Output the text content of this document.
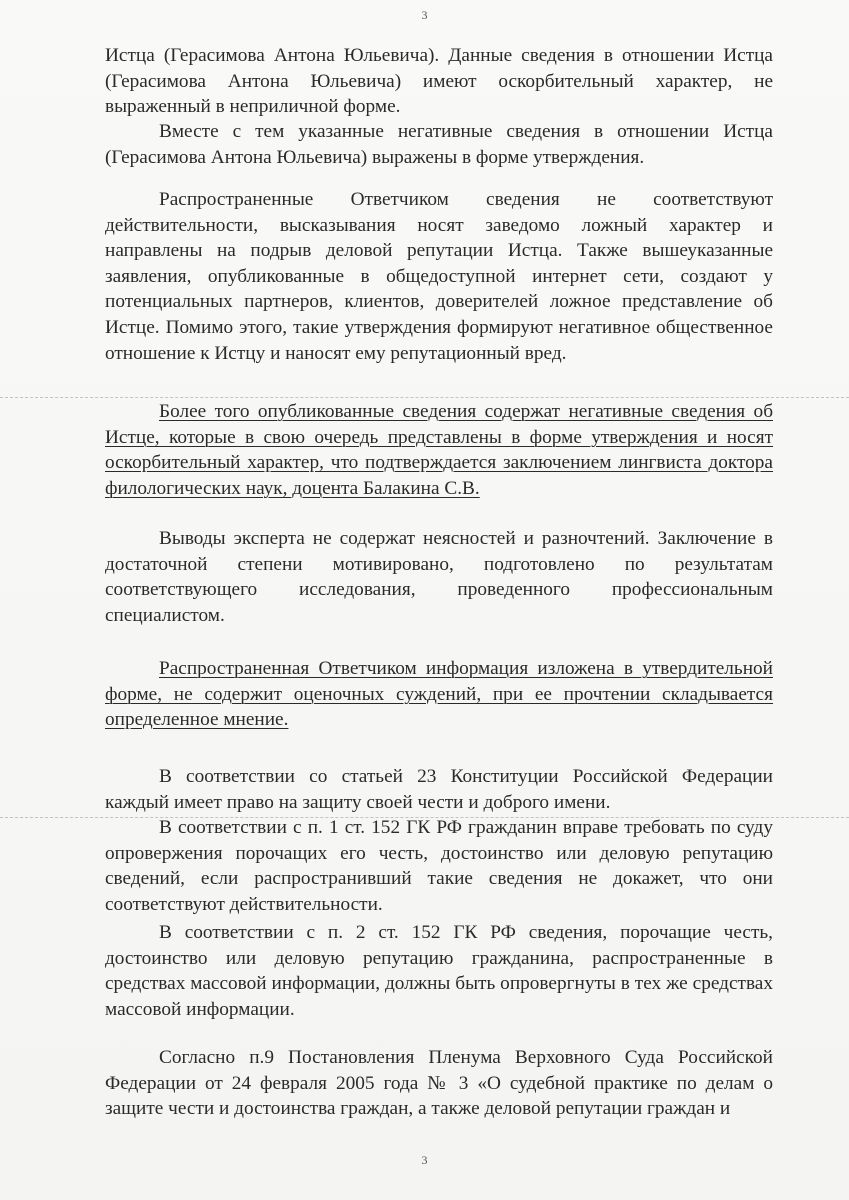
3

Истца (Герасимова Антона Юльевича). Данные сведения в отношении Истца (Герасимова Антона Юльевича) имеют оскорбительный характер, не выраженный в неприличной форме.

Вместе с тем указанные негативные сведения в отношении Истца (Герасимова Антона Юльевича) выражены в форме утверждения.

Распространенные Ответчиком сведения не соответствуют действительности, высказывания носят заведомо ложный характер и направлены на подрыв деловой репутации Истца. Также вышеуказанные заявления, опубликованные в общедоступной интернет сети, создают у потенциальных партнеров, клиентов, доверителей ложное представление об Истце. Помимо этого, такие утверждения формируют негативное общественное отношение к Истцу и наносят ему репутационный вред.

Более того опубликованные сведения содержат негативные сведения об Истце, которые в свою очередь представлены в форме утверждения и носят оскорбительный характер, что подтверждается заключением лингвиста доктора филологических наук, доцента Балакина С.В.

Выводы эксперта не содержат неясностей и разночтений. Заключение в достаточной степени мотивировано, подготовлено по результатам соответствующего исследования, проведенного профессиональным специалистом.

Распространенная Ответчиком информация изложена в утвердительной форме, не содержит оценочных суждений, при ее прочтении складывается определенное мнение.

В соответствии со статьей 23 Конституции Российской Федерации каждый имеет право на защиту своей чести и доброго имени.

В соответствии с п. 1 ст. 152 ГК РФ гражданин вправе требовать по суду опровержения порочащих его честь, достоинство или деловую репутацию сведений, если распространивший такие сведения не докажет, что они соответствуют действительности.

В соответствии с п. 2 ст. 152 ГК РФ сведения, порочащие честь, достоинство или деловую репутацию гражданина, распространенные в средствах массовой информации, должны быть опровергнуты в тех же средствах массовой информации.

Согласно п.9 Постановления Пленума Верховного Суда Российской Федерации от 24 февраля 2005 года № 3 «О судебной практике по делам о защите чести и достоинства граждан, а также деловой репутации граждан и

3
